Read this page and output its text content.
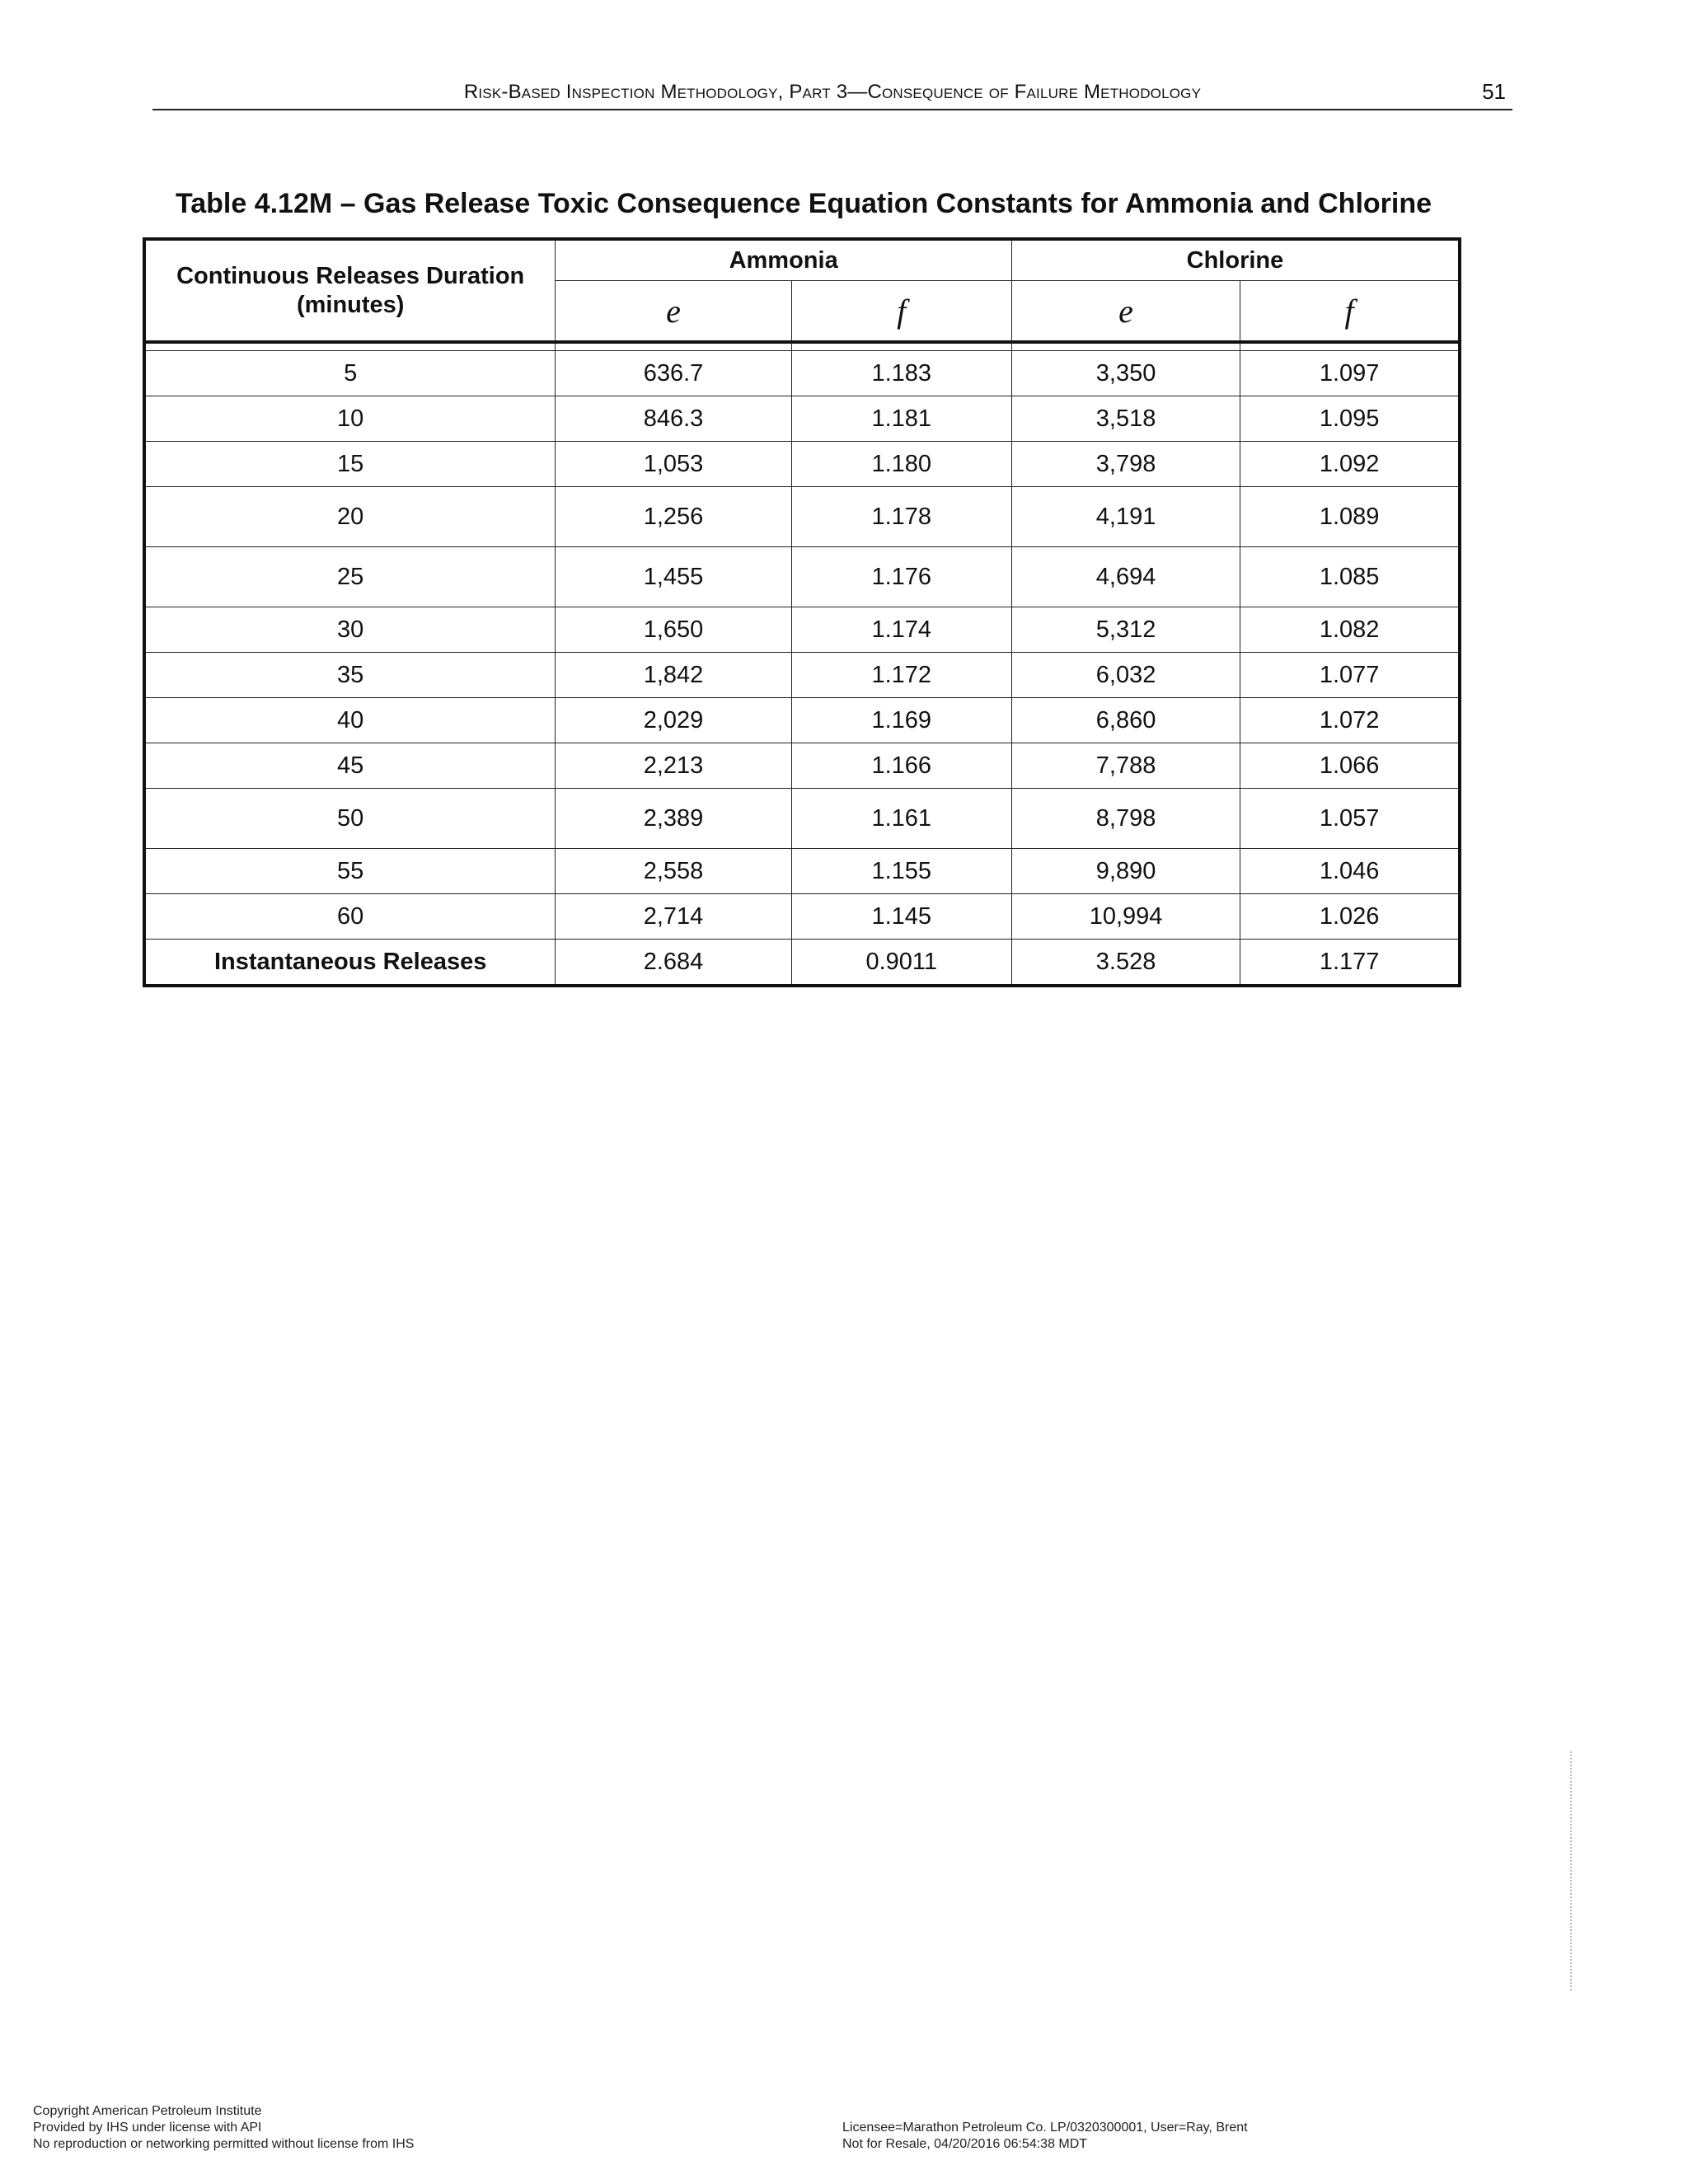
Risk-Based Inspection Methodology, Part 3—Consequence of Failure Methodology	51
Table 4.12M – Gas Release Toxic Consequence Equation Constants for Ammonia and Chlorine
Continuous Releases Duration (minutes)	Ammonia		Chlorine	
	e	f	e	f

5	636.7	1.183	3,350	1.097
10	846.3	1.181	3,518	1.095
15	1,053	1.180	3,798	1.092
20	1,256	1.178	4,191	1.089
25	1,455	1.176	4,694	1.085
30	1,650	1.174	5,312	1.082
35	1,842	1.172	6,032	1.077
40	2,029	1.169	6,860	1.072
45	2,213	1.166	7,788	1.066
50	2,389	1.161	8,798	1.057
55	2,558	1.155	9,890	1.046
60	2,714	1.145	10,994	1.026
Instantaneous Releases	2.684	0.9011	3.528	1.177
Copyright American Petroleum Institute
Provided by IHS under license with API
No reproduction or networking permitted without license from IHS
Licensee=Marathon Petroleum Co. LP/0320300001, User=Ray, Brent
Not for Resale, 04/20/2016 06:54:38 MDT
